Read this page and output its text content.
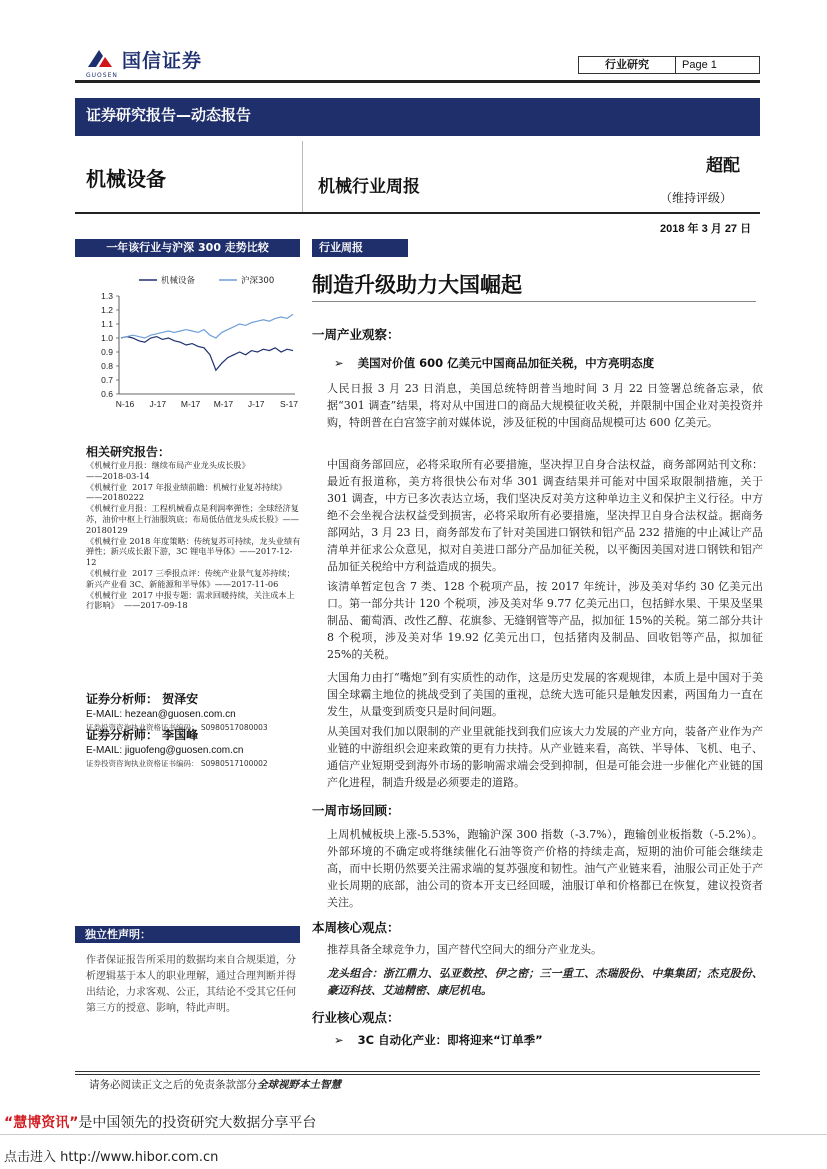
国信证券
GUOSEN
行业研究	Page 1
证券研究报告—动态报告
机械设备	机械行业周报
超配
（维持评级）
2018 年 3 月 27 日
一年该行业与沪深 300 走势比较
1.3
1.2
1.1
1.0
0.9
0.8
0.7
0.6
N-16 J-17 M-17 M-17 J-17 S-17
机械设备	沪深300
相关研究报告：
《机械行业月报：继续布局产业龙头成长股》
——2018-03-14
《机械行业  2017 年报业绩前瞻：机械行业复苏持续》——20180222
《机械行业月报：工程机械看点是利润率弹性；全球经济复苏，油价中枢上行油服筑底；布局低估值龙头成长股》——20180129
《机械行业 2018 年度策略：传统复苏可持续，龙头业绩有弹性；新兴成长跟下游，3C 锂电半导体》——2017-12-12
《机械行业  2017 三季报点评：传统产业景气复苏持续；新兴产业看 3C、新能源和半导体》——2017-11-06
《机械行业  2017 中报专题：需求回暖持续，关注成本上行影响》  ——2017-09-18
证券分析师： 贺泽安
E-MAIL: hezean@guosen.com.cn
证券投资咨询执业资格证书编码： S0980517080003
证券分析师： 李国峰
E-MAIL: jiguofeng@guosen.com.cn
证券投资咨询执业资格证书编码： S0980517100002
独立性声明：
作者保证报告所采用的数据均来自合规渠道，分析逻辑基于本人的职业理解，通过合理判断并得出结论，力求客观、公正，其结论不受其它任何第三方的授意、影响，特此声明。
行业周报
制造升级助力大国崛起
一周产业观察：
➢ 美国对价值 600 亿美元中国商品加征关税，中方亮明态度
人民日报 3 月 23 日消息，美国总统特朗普当地时间 3 月 22 日签署总统备忘录，依据“301 调查”结果，将对从中国进口的商品大规模征收关税，并限制中国企业对美投资并购，特朗普在白宫签字前对媒体说，涉及征税的中国商品规模可达 600 亿美元。
中国商务部回应，必将采取所有必要措施，坚决捍卫自身合法权益，商务部网站刊文称：最近有报道称，美方将很快公布对华 301 调查结果并可能对中国采取限制措施，关于 301 调查，中方已多次表达立场，我们坚决反对美方这种单边主义和保护主义行径。中方绝不会坐视合法权益受到损害，必将采取所有必要措施，坚决捍卫自身合法权益。据商务部网站，3 月 23 日，商务部发布了针对美国进口钢铁和铝产品 232 措施的中止减让产品清单并征求公众意见，拟对自美进口部分产品加征关税，以平衡因美国对进口钢铁和铝产品加征关税给中方利益造成的损失。
该清单暂定包含 7 类、128 个税项产品，按 2017 年统计，涉及美对华约 30 亿美元出口。第一部分共计 120 个税项，涉及美对华 9.77 亿美元出口，包括鲜水果、干果及坚果制品、葡萄酒、改性乙醇、花旗参、无缝钢管等产品，拟加征 15%的关税。第二部分共计 8 个税项，涉及美对华 19.92 亿美元出口，包括猪肉及制品、回收铝等产品，拟加征 25%的关税。
大国角力由打“嘴炮”到有实质性的动作，这是历史发展的客观规律，本质上是中国对于美国全球霸主地位的挑战受到了美国的重视，总统大选可能只是触发因素，两国角力一直在发生，从量变到质变只是时间问题。
从美国对我们加以限制的产业里就能找到我们应该大力发展的产业方向，装备产业作为产业链的中游组织会迎来政策的更有力扶持。从产业链来看，高铁、半导体、飞机、电子、通信产业短期受到海外市场的影响需求端会受到抑制，但是可能会进一步催化产业链的国产化进程，制造升级是必须要走的道路。
一周市场回顾：
上周机械板块上涨-5.53%，跑输沪深 300 指数（-3.7%），跑输创业板指数（-5.2%）。外部环境的不确定或将继续催化石油等资产价格的持续走高，短期的油价可能会继续走高，而中长期仍然要关注需求端的复苏强度和韧性。油气产业链来看，油服公司正处于产业长周期的底部，油公司的资本开支已经回暖，油服订单和价格都已在恢复，建议投资者关注。
本周核心观点：
推荐具备全球竞争力，国产替代空间大的细分产业龙头。
龙头组合：浙江鼎力、弘亚数控、伊之密；三一重工、杰瑞股份、中集集团；杰克股份、豪迈科技、艾迪精密、康尼机电。
行业核心观点：
➢ 3C 自动化产业：即将迎来“订单季”
请务必阅读正文之后的免责条款部分全球视野本土智慧
“慧博资讯”是中国领先的投资研究大数据分享平台
点击进入 http://www.hibor.com.cn
